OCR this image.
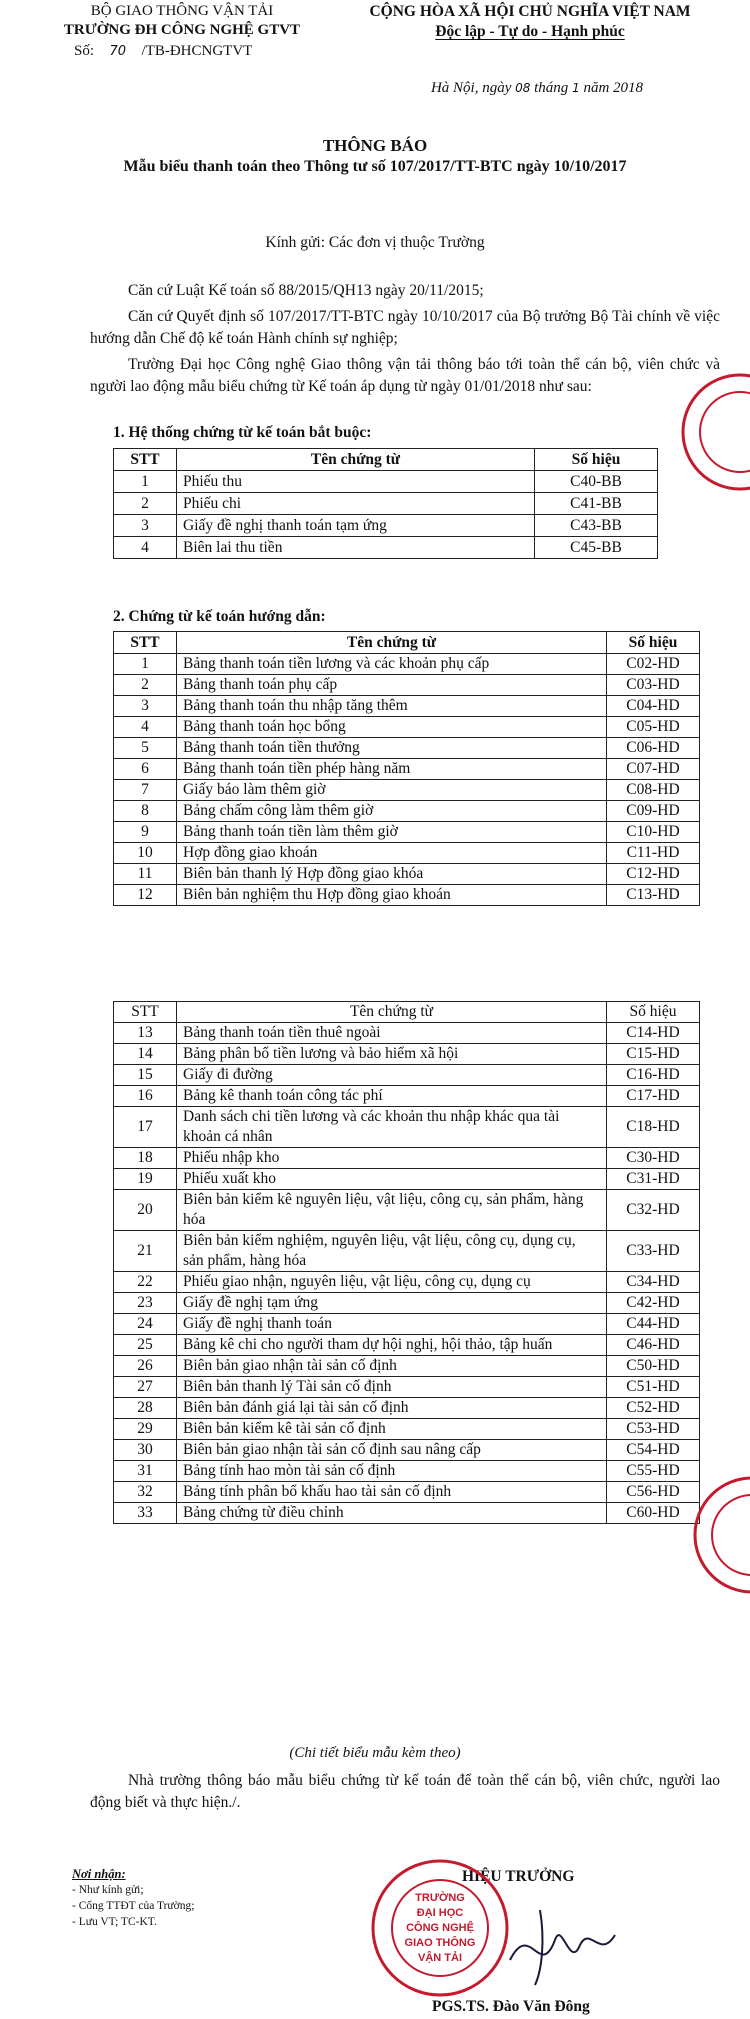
BỘ GIAO THÔNG VẬN TẢI
TRƯỜNG ĐH CÔNG NGHỆ GTVT
Số: 70 /TB-ĐHCNGTVT
CỘNG HÒA XÃ HỘI CHỦ NGHĨA VIỆT NAM
Độc lập - Tự do - Hạnh phúc
Hà Nội, ngày 08 tháng 1 năm 2018
THÔNG BÁO
Mẫu biểu thanh toán theo Thông tư số 107/2017/TT-BTC ngày 10/10/2017
Kính gửi: Các đơn vị thuộc Trường
Căn cứ Luật Kế toán số 88/2015/QH13 ngày 20/11/2015;
Căn cứ Quyết định số 107/2017/TT-BTC ngày 10/10/2017 của Bộ trưởng Bộ Tài chính về việc hướng dẫn Chế độ kế toán Hành chính sự nghiệp;
Trường Đại học Công nghệ Giao thông vận tải thông báo tới toàn thể cán bộ, viên chức và người lao động mẫu biểu chứng từ Kế toán áp dụng từ ngày 01/01/2018 như sau:
1. Hệ thống chứng từ kế toán bắt buộc:
STT	Tên chứng từ	Số hiệu
1	Phiếu thu	C40-BB
2	Phiếu chi	C41-BB
3	Giấy đề nghị thanh toán tạm ứng	C43-BB
4	Biên lai thu tiền	C45-BB
2. Chứng từ kế toán hướng dẫn:
STT	Tên chứng từ	Số hiệu
1	Bảng thanh toán tiền lương và các khoản phụ cấp	C02-HD
2	Bảng thanh toán phụ cấp	C03-HD
3	Bảng thanh toán thu nhập tăng thêm	C04-HD
4	Bảng thanh toán học bổng	C05-HD
5	Bảng thanh toán tiền thưởng	C06-HD
6	Bảng thanh toán tiền phép hàng năm	C07-HD
7	Giấy báo làm thêm giờ	C08-HD
8	Bảng chấm công làm thêm giờ	C09-HD
9	Bảng thanh toán tiền làm thêm giờ	C10-HD
10	Hợp đồng giao khoán	C11-HD
11	Biên bản thanh lý Hợp đồng giao khóa	C12-HD
12	Biên bản nghiệm thu Hợp đồng giao khoán	C13-HD
STT	Tên chứng từ	Số hiệu
13	Bảng thanh toán tiền thuê ngoài	C14-HD
14	Bảng phân bổ tiền lương và bảo hiểm xã hội	C15-HD
15	Giấy đi đường	C16-HD
16	Bảng kê thanh toán công tác phí	C17-HD
17	Danh sách chi tiền lương và các khoản thu nhập khác qua tài khoản cá nhân	C18-HD
18	Phiếu nhập kho	C30-HD
19	Phiếu xuất kho	C31-HD
20	Biên bản kiểm kê nguyên liệu, vật liệu, công cụ, sản phẩm, hàng hóa	C32-HD
21	Biên bản kiểm nghiệm, nguyên liệu, vật liệu, công cụ, dụng cụ, sản phẩm, hàng hóa	C33-HD
22	Phiếu giao nhận, nguyên liệu, vật liệu, công cụ, dụng cụ	C34-HD
23	Giấy đề nghị tạm ứng	C42-HD
24	Giấy đề nghị thanh toán	C44-HD
25	Bảng kê chi cho người tham dự hội nghị, hội thảo, tập huấn	C46-HD
26	Biên bản giao nhận tài sản cố định	C50-HD
27	Biên bản thanh lý Tài sản cố định	C51-HD
28	Biên bản đánh giá lại tài sản cố định	C52-HD
29	Biên bản kiểm kê tài sản cố định	C53-HD
30	Biên bản giao nhận tài sản cố định sau nâng cấp	C54-HD
31	Bảng tính hao mòn tài sản cố định	C55-HD
32	Bảng tính phân bổ khấu hao tài sản cố định	C56-HD
33	Bảng chứng từ điều chỉnh	C60-HD
(Chi tiết biểu mẫu kèm theo)
Nhà trường thông báo mẫu biểu chứng từ kế toán để toàn thể cán bộ, viên chức, người lao động biết và thực hiện./.
Nơi nhận:
- Như kính gửi;
- Cổng TTĐT của Trường;
- Lưu VT; TC-KT.
HIỆU TRƯỞNG
PGS.TS. Đào Văn Đông
TRƯỜNG
ĐẠI HỌC
CÔNG NGHỆ
GIAO THÔNG
VẬN TẢI
